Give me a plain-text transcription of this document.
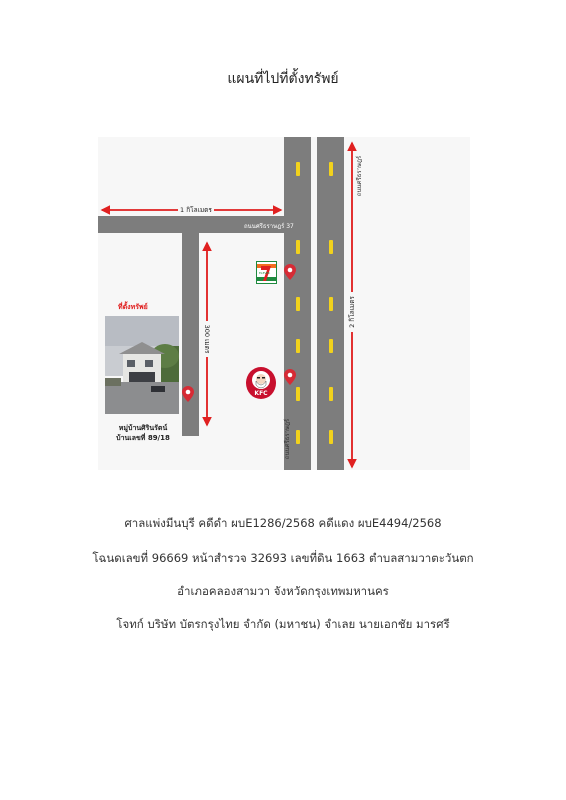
แผนที่ไปที่ตั้งทรัพย์
1 กิโลเมตร
ถนนศรีธราษฎร์ 37
ถนนศรีธราษฎร์
ถนนศรีธราษฎร์
300 เมตร
2 กิโลเมตร
ELEVEn
KFC
ที่ตั้งทรัพย์
หมู่บ้านศิรินรัตน์
บ้านเลขที่ 89/18
ศาลแพ่งมีนบุรี คดีดำ ผบE1286/2568 คดีแดง ผบE4494/2568
โฉนดเลขที่ 96669 หน้าสำรวจ 32693 เลขที่ดิน 1663 ตำบลสามวาตะวันตก
อำเภอคลองสามวา จังหวัดกรุงเทพมหานคร
โจทก์ บริษัท บัตรกรุงไทย จำกัด (มหาชน) จำเลย นายเอกชัย มารศรี
